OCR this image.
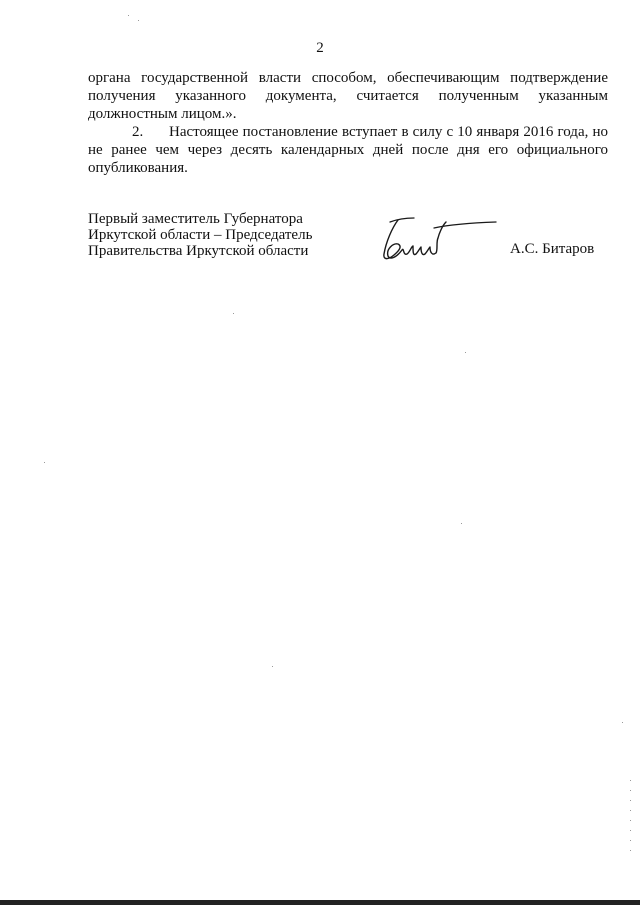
2

органа государственной власти способом, обеспечивающим подтверждение получения указанного документа, считается полученным указанным должностным лицом.».

2. Настоящее постановление вступает в силу с 10 января 2016 года, но не ранее чем через десять календарных дней после дня его официального опубликования.

Первый заместитель Губернатора
Иркутской области – Председатель
Правительства Иркутской области	А.С. Битаров
